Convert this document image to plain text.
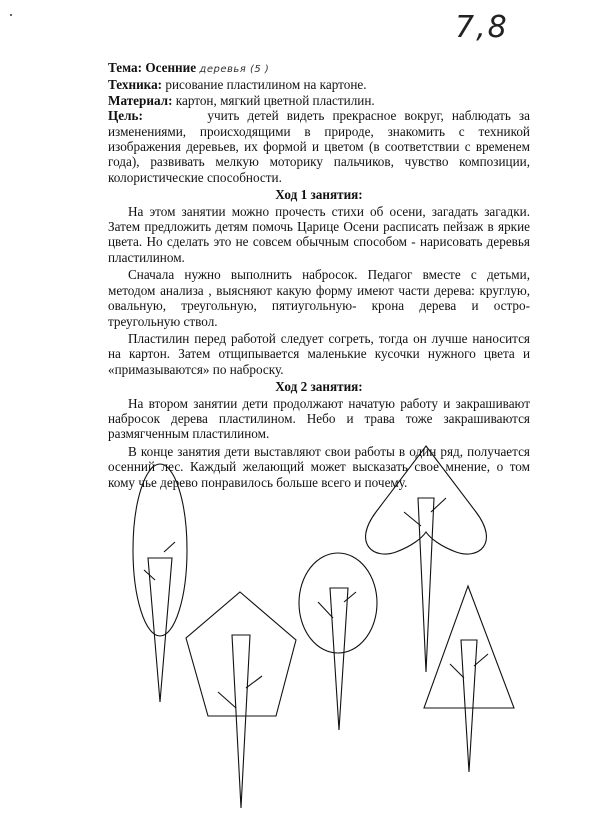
7,8
Тема: Осенние деревья (5 )
Техника: рисование пластилином на картоне.
Материал: картон, мягкий цветной пластилин.
Цель:	учить детей видеть прекрасное вокруг, наблюдать за изменениями, происходящими в природе, знакомить с техникой изображения деревьев, их формой и цветом (в соответствии с временем года), развивать мелкую моторику пальчиков, чувство композиции, колористические способности.
Ход 1 занятия:
На этом занятии можно прочесть стихи об осени, загадать загадки. Затем предложить детям помочь Царице Осени расписать пейзаж в яркие цвета. Но сделать это не совсем обычным способом - нарисовать деревья пластилином.
Сначала нужно выполнить набросок. Педагог вместе с детьми, методом анализа , выясняют какую форму имеют части дерева: круглую, овальную, треугольную, пятиугольную- крона дерева и остро-треугольную ствол.
Пластилин перед работой следует согреть, тогда он лучше наносится на картон. Затем отщипывается маленькие кусочки нужного цвета и «примазываются» по наброску.
Ход 2 занятия:
На втором занятии дети продолжают начатую работу и закрашивают набросок дерева пластилином. Небо и трава тоже закрашиваются размягченным пластилином.
В конце занятия дети выставляют свои работы в один ряд, получается осенний лес. Каждый желающий может высказать свое мнение, о том кому чье дерево понравилось больше всего и почему.
